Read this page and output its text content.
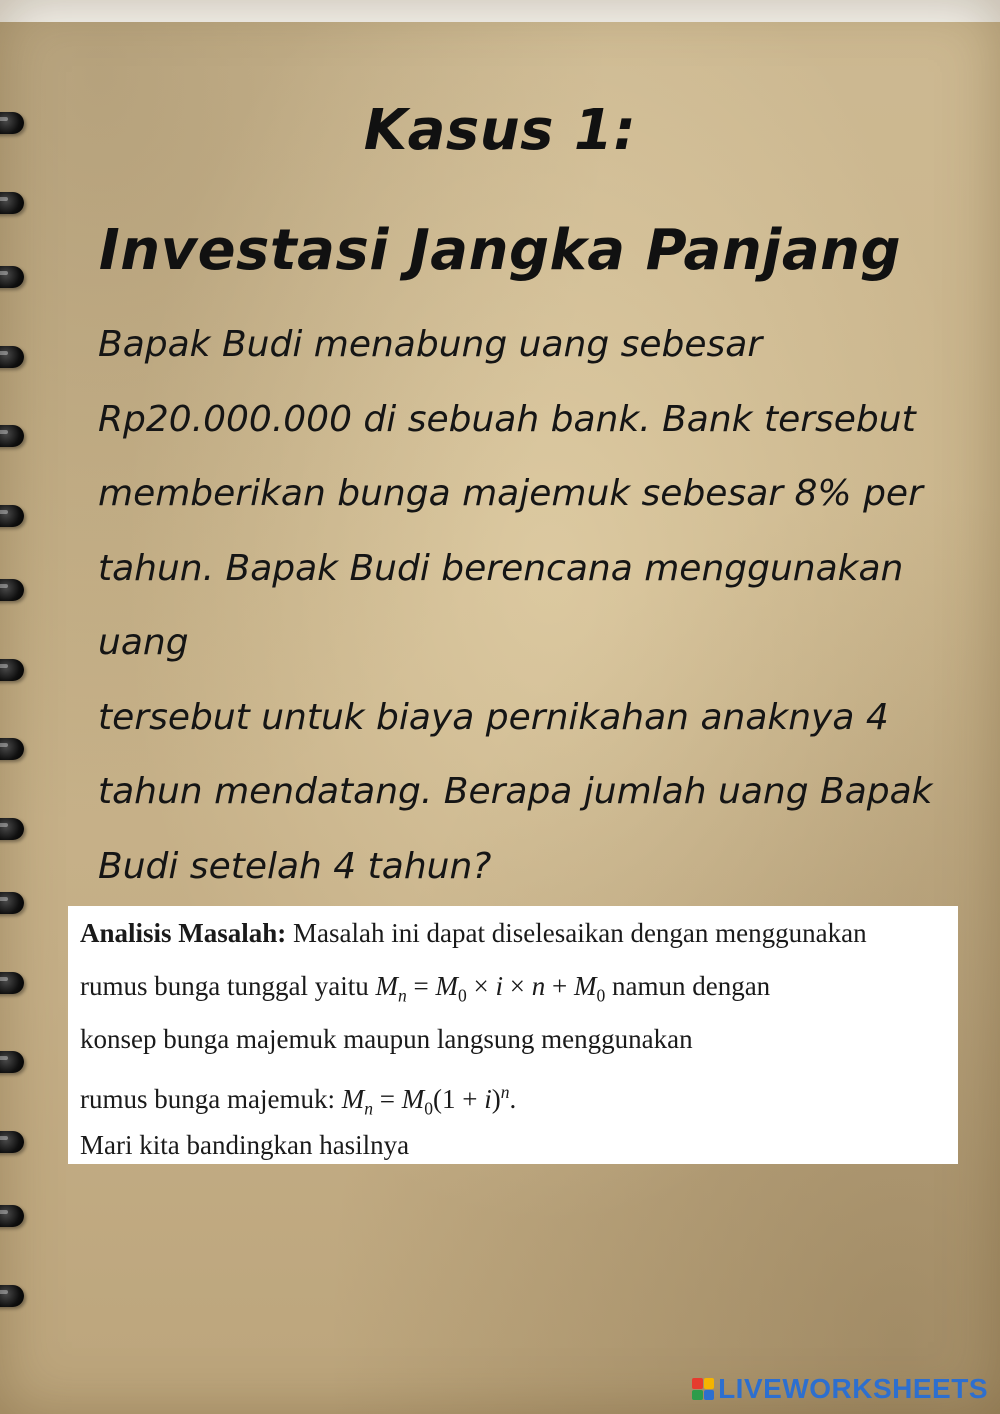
Kasus 1:
Investasi Jangka Panjang
Bapak Budi menabung uang sebesar
Rp20.000.000 di sebuah bank. Bank tersebut
memberikan bunga majemuk sebesar 8% per
tahun. Bapak Budi berencana menggunakan uang
tersebut untuk biaya pernikahan anaknya 4
tahun mendatang. Berapa jumlah uang Bapak
Budi setelah 4 tahun?
Analisis Masalah: Masalah ini dapat diselesaikan dengan menggunakan
rumus bunga tunggal yaitu $M_n = M_0 \times i \times n + M_0$ namun dengan
konsep bunga majemuk maupun langsung menggunakan
rumus bunga majemuk: $M_n = M_0(1 + i)^n$.
Mari kita bandingkan hasilnya
LIVEWORKSHEETS
